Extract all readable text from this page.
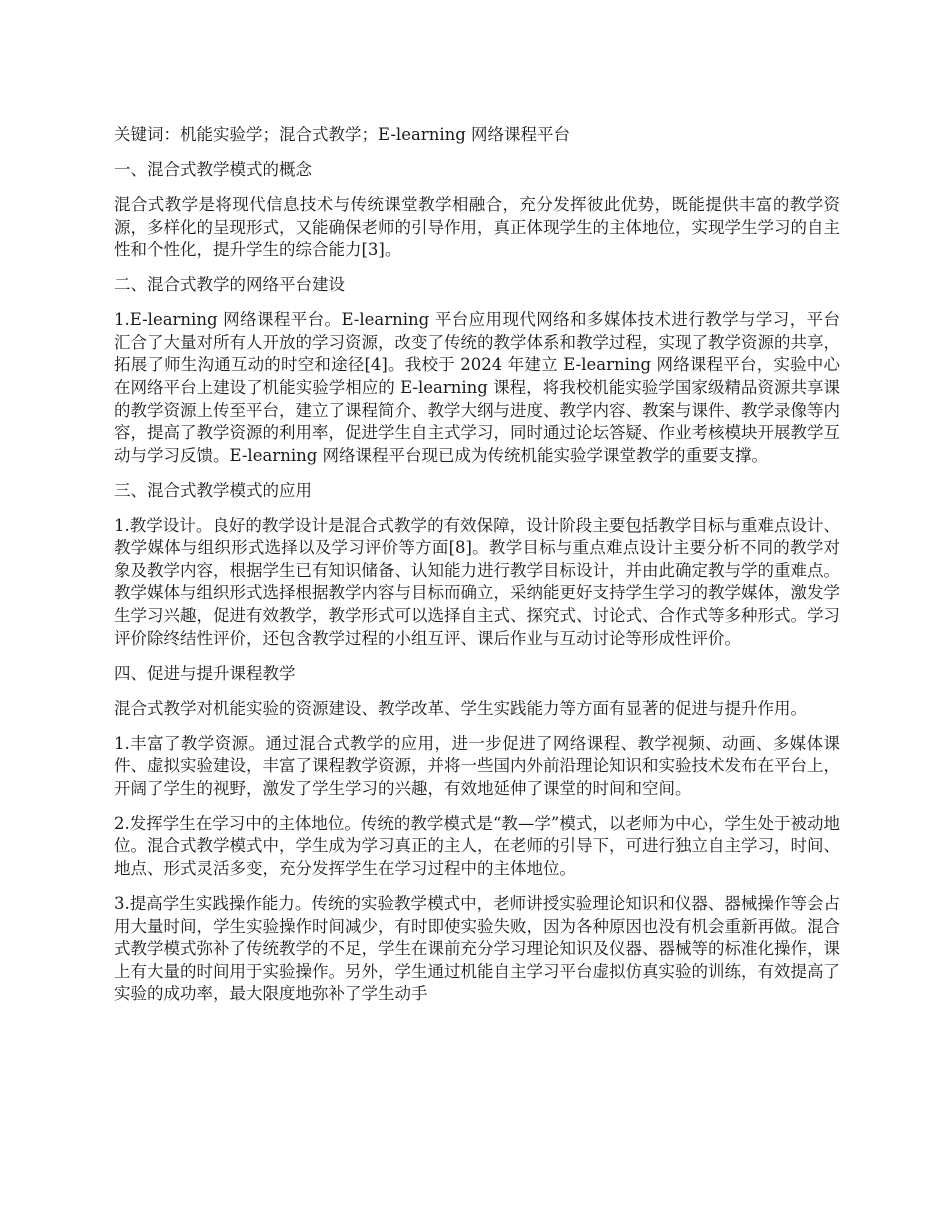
关键词：机能实验学；混合式教学；E-learning 网络课程平台

一、混合式教学模式的概念

混合式教学是将现代信息技术与传统课堂教学相融合，充分发挥彼此优势，既能提供丰富的教学资源，多样化的呈现形式，又能确保老师的引导作用，真正体现学生的主体地位，实现学生学习的自主性和个性化，提升学生的综合能力[3]。

二、混合式教学的网络平台建设

1.E-learning 网络课程平台。E-learning 平台应用现代网络和多媒体技术进行教学与学习，平台汇合了大量对所有人开放的学习资源，改变了传统的教学体系和教学过程，实现了教学资源的共享，拓展了师生沟通互动的时空和途径[4]。我校于 2024 年建立 E-learning 网络课程平台，实验中心在网络平台上建设了机能实验学相应的 E-learning 课程，将我校机能实验学国家级精品资源共享课的教学资源上传至平台，建立了课程简介、教学大纲与进度、教学内容、教案与课件、教学录像等内容，提高了教学资源的利用率，促进学生自主式学习，同时通过论坛答疑、作业考核模块开展教学互动与学习反馈。E-learning 网络课程平台现已成为传统机能实验学课堂教学的重要支撑。

三、混合式教学模式的应用

1.教学设计。良好的教学设计是混合式教学的有效保障，设计阶段主要包括教学目标与重难点设计、教学媒体与组织形式选择以及学习评价等方面[8]。教学目标与重点难点设计主要分析不同的教学对象及教学内容，根据学生已有知识储备、认知能力进行教学目标设计，并由此确定教与学的重难点。教学媒体与组织形式选择根据教学内容与目标而确立，采纳能更好支持学生学习的教学媒体，激发学生学习兴趣，促进有效教学，教学形式可以选择自主式、探究式、讨论式、合作式等多种形式。学习评价除终结性评价，还包含教学过程的小组互评、课后作业与互动讨论等形成性评价。

四、促进与提升课程教学

混合式教学对机能实验的资源建设、教学改革、学生实践能力等方面有显著的促进与提升作用。

1.丰富了教学资源。通过混合式教学的应用，进一步促进了网络课程、教学视频、动画、多媒体课件、虚拟实验建设，丰富了课程教学资源，并将一些国内外前沿理论知识和实验技术发布在平台上，开阔了学生的视野，激发了学生学习的兴趣，有效地延伸了课堂的时间和空间。

2.发挥学生在学习中的主体地位。传统的教学模式是“教—学”模式，以老师为中心，学生处于被动地位。混合式教学模式中，学生成为学习真正的主人，在老师的引导下，可进行独立自主学习，时间、地点、形式灵活多变，充分发挥学生在学习过程中的主体地位。

3.提高学生实践操作能力。传统的实验教学模式中，老师讲授实验理论知识和仪器、器械操作等会占用大量时间，学生实验操作时间减少，有时即使实验失败，因为各种原因也没有机会重新再做。混合式教学模式弥补了传统教学的不足，学生在课前充分学习理论知识及仪器、器械等的标准化操作，课上有大量的时间用于实验操作。另外，学生通过机能自主学习平台虚拟仿真实验的训练，有效提高了实验的成功率，最大限度地弥补了学生动手
